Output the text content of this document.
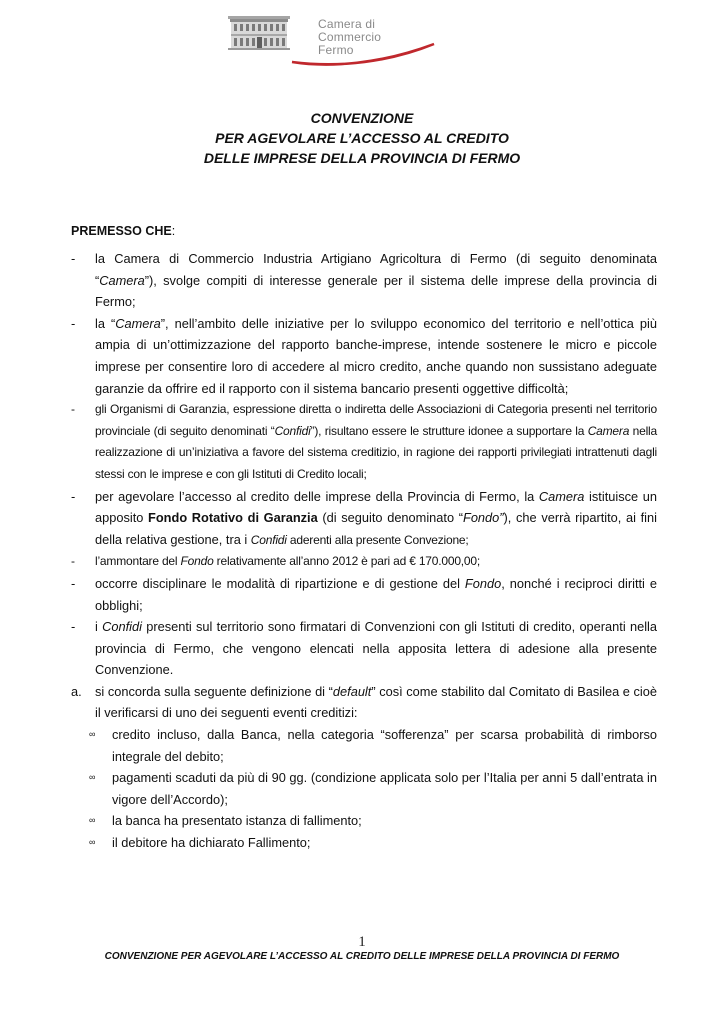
Camera di Commercio
Fermo
CONVENZIONE
PER AGEVOLARE L’ACCESSO AL CREDITO
DELLE IMPRESE DELLA PROVINCIA DI FERMO
PREMESSO CHE:
- la Camera di Commercio Industria Artigiano Agricoltura di Fermo (di seguito denominata “Camera”), svolge compiti di interesse generale per il sistema delle imprese della provincia di Fermo;
- la “Camera”, nell’ambito delle iniziative per lo sviluppo economico del territorio e nell’ottica più ampia di un’ottimizzazione del rapporto banche-imprese, intende sostenere le micro e piccole imprese per consentire loro di accedere al micro credito, anche quando non sussistano adeguate garanzie da offrire ed il rapporto con il sistema bancario presenti oggettive difficoltà;
- gli Organismi di Garanzia, espressione diretta o indiretta delle Associazioni di Categoria presenti nel territorio provinciale (di seguito denominati “Confidi”), risultano essere le strutture idonee a supportare la Camera nella realizzazione di un’iniziativa a favore del sistema creditizio, in ragione dei rapporti privilegiati intrattenuti dagli stessi con le imprese e con gli Istituti di Credito locali;
- per agevolare l’accesso al credito delle imprese della Provincia di Fermo, la Camera istituisce un apposito Fondo Rotativo di Garanzia (di seguito denominato “Fondo”), che verrà ripartito, ai fini della relativa gestione, tra i Confidi aderenti alla presente Convezione;
- l’ammontare del Fondo relativamente all’anno 2012 è pari ad € 170.000,00;
- occorre disciplinare le modalità di ripartizione e di gestione del Fondo, nonché i reciproci diritti e obblighi;
- i Confidi presenti sul territorio sono firmatari di Convenzioni con gli Istituti di credito, operanti nella provincia di Fermo, che vengono elencati nella apposita lettera di adesione alla presente Convenzione.
a. si concorda sulla seguente definizione di “default” così come stabilito dal Comitato di Basilea e cioè il verificarsi di uno dei seguenti eventi creditizi:
∞ credito incluso, dalla Banca, nella categoria “sofferenza” per scarsa probabilità di rimborso integrale del debito;
∞ pagamenti scaduti da più di 90 gg. (condizione applicata solo per l’Italia per anni 5 dall’entrata in vigore dell’Accordo);
∞ la banca ha presentato istanza di fallimento;
∞ il debitore ha dichiarato Fallimento;
1
CONVENZIONE PER AGEVOLARE L’ACCESSO AL CREDITO DELLE IMPRESE DELLA PROVINCIA DI FERMO
